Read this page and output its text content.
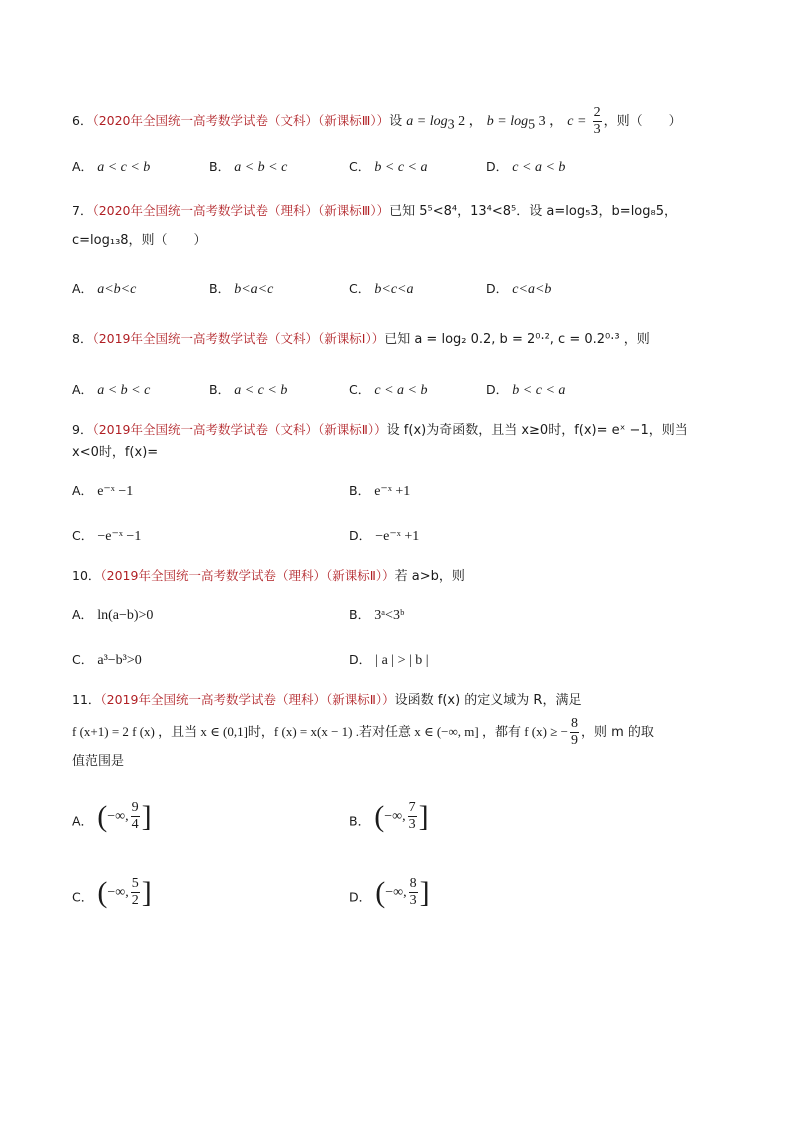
6．（2020年全国统一高考数学试卷（文科）（新课标Ⅲ））设 $a = \log_3 2$ ， $b = \log_5 3$ ， $c = \frac{2}{3}$ ，则（　　）
A． a < c < b	B． a < b < c	C． b < c < a	D． c < a < b
7．（2020年全国统一高考数学试卷（理科）（新课标Ⅲ））已知 5⁵<8⁴，13⁴<8⁵．设 a=log₅3，b=log₈5，
c=log₁₃8，则（　　）
A． a<b<c	B． b<a<c	C． b<c<a	D． c<a<b
8．（2019年全国统一高考数学试卷（文科）（新课标Ⅰ））已知 a = log₂ 0.2, b = 2⁰·², c = 0.2⁰·³ ，则
A． a < b < c	B． a < c < b	C． c < a < b	D． b < c < a
9．（2019年全国统一高考数学试卷（文科）（新课标Ⅱ））设 f(x)为奇函数，且当 x≥0时，f(x)= eˣ −1，则当
x<0时，f(x)=
A． e⁻ˣ −1	B． e⁻ˣ +1
C． −e⁻ˣ −1	D． −e⁻ˣ +1
10．（2019年全国统一高考数学试卷（理科）（新课标Ⅱ））若 a>b，则
A． ln(a−b)>0	B． 3ᵃ<3ᵇ
C． a³−b³>0	D． | a | > | b |
11．（2019年全国统一高考数学试卷（理科）（新课标Ⅱ））设函数 f(x) 的定义域为 R，满足
f (x+1) = 2 f (x) ，且当 x ∈ (0,1]时，f (x) = x(x − 1) .若对任意 x ∈ (−∞, m] ，都有 f (x) ≥ − $\frac{8}{9}$ ，则 m 的取
值范围是
A． ( −∞, $\frac{9}{4}$ ]	B． ( −∞, $\frac{7}{3}$ ]
C． ( −∞, $\frac{5}{2}$ ]	D． ( −∞, $\frac{8}{3}$ ]
